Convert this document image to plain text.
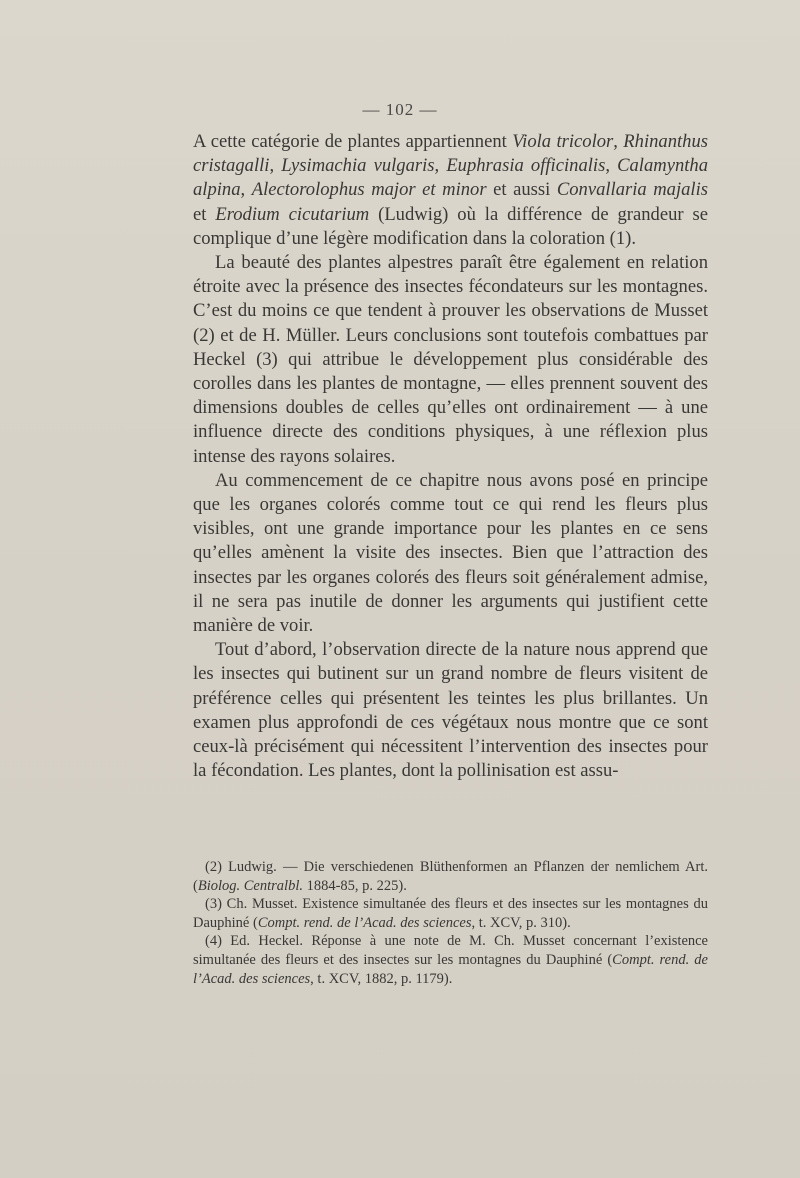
— 102 —

A cette catégorie de plantes appartiennent Viola tricolor, Rhinanthus cristagalli, Lysimachia vulgaris, Euphrasia officinalis, Calamyntha alpina, Alectorolophus major et minor et aussi Convallaria majalis et Erodium cicutarium (Ludwig) où la différence de grandeur se complique d’une légère modification dans la coloration (1).

La beauté des plantes alpestres paraît être également en relation étroite avec la présence des insectes fécondateurs sur les montagnes. C’est du moins ce que tendent à prouver les observations de Musset (2) et de H. Müller. Leurs conclusions sont toutefois combattues par Heckel (3) qui attribue le développement plus considérable des corolles dans les plantes de montagne, — elles prennent souvent des dimensions doubles de celles qu’elles ont ordinairement — à une influence directe des conditions physiques, à une réflexion plus intense des rayons solaires.

Au commencement de ce chapitre nous avons posé en principe que les organes colorés comme tout ce qui rend les fleurs plus visibles, ont une grande importance pour les plantes en ce sens qu’elles amènent la visite des insectes. Bien que l’attraction des insectes par les organes colorés des fleurs soit généralement admise, il ne sera pas inutile de donner les arguments qui justifient cette manière de voir.

Tout d’abord, l’observation directe de la nature nous apprend que les insectes qui butinent sur un grand nombre de fleurs visitent de préférence celles qui présentent les teintes les plus brillantes. Un examen plus approfondi de ces végétaux nous montre que ce sont ceux-là précisément qui nécessitent l’intervention des insectes pour la fécondation. Les plantes, dont la pollinisation est assu-

(2) Ludwig. — Die verschiedenen Blüthenformen an Pflanzen der nemlichem Art. (Biolog. Centralbl. 1884-85, p. 225).

(3) Ch. Musset. Existence simultanée des fleurs et des insectes sur les montagnes du Dauphiné (Compt. rend. de l’Acad. des sciences, t. XCV, p. 310).

(4) Ed. Heckel. Réponse à une note de M. Ch. Musset concernant l’existence simultanée des fleurs et des insectes sur les montagnes du Dauphiné (Compt. rend. de l’Acad. des sciences, t. XCV, 1882, p. 1179).
